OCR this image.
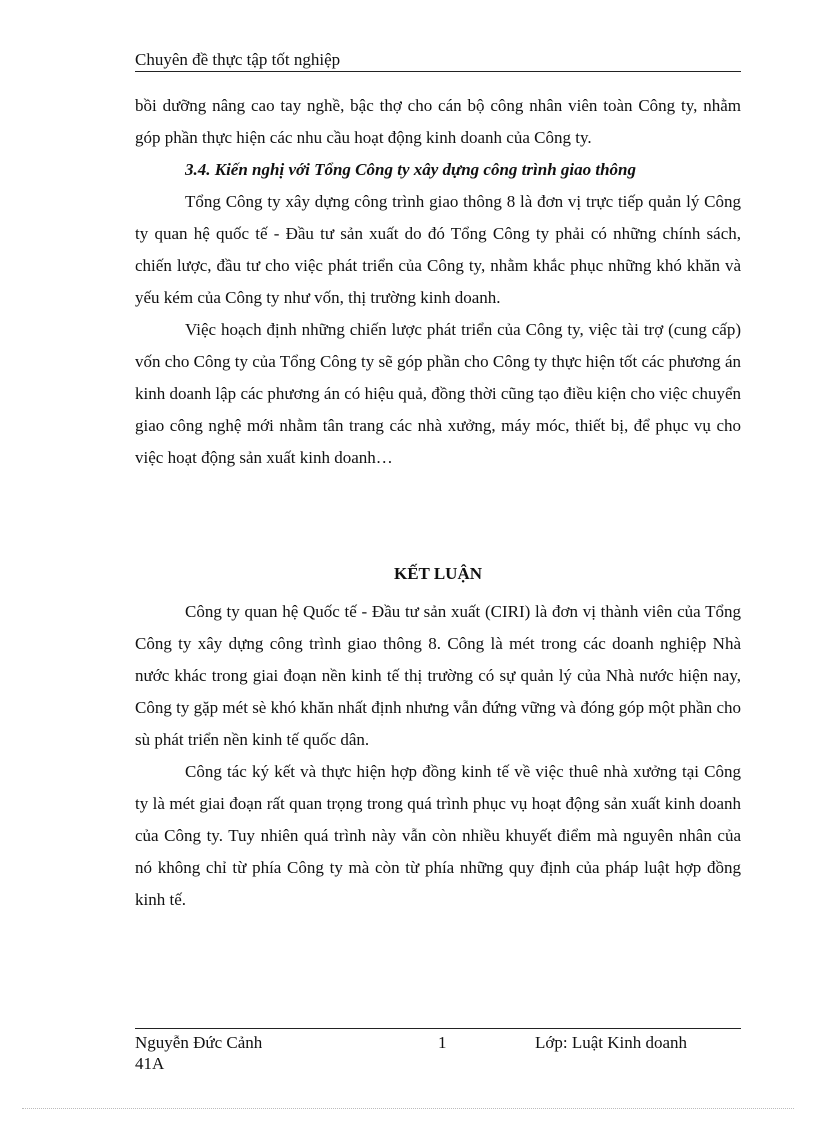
Chuyên đề thực tập tốt nghiệp

bồi dưỡng nâng cao tay nghề, bậc thợ cho cán bộ công nhân viên toàn Công ty, nhằm góp phần thực hiện các nhu cầu hoạt động kinh doanh của Công ty.

3.4. Kiến nghị với Tổng Công ty xây dựng công trình giao thông

Tổng Công ty xây dựng công trình giao thông 8 là đơn vị trực tiếp quản lý Công ty quan hệ quốc tế - Đầu tư sản xuất do đó Tổng Công ty phải có những chính sách, chiến lược, đầu tư cho việc phát triển của Công ty, nhằm khắc phục những khó khăn và yếu kém của Công ty như vốn, thị trường kinh doanh.

Việc hoạch định những chiến lược phát triển của Công ty, việc tài trợ (cung cấp) vốn cho Công ty của Tổng Công ty sẽ góp phần cho Công ty thực hiện tốt các phương án kinh doanh lập các phương án có hiệu quả, đồng thời cũng tạo điều kiện cho việc chuyển giao công nghệ mới nhằm tân trang các nhà xưởng, máy móc, thiết bị, để phục vụ cho việc hoạt động sản xuất kinh doanh…

KẾT LUẬN

Công ty quan hệ Quốc tế - Đầu tư sản xuất (CIRI) là đơn vị thành viên của Tổng Công ty xây dựng công trình giao thông 8. Công là mét trong các doanh nghiệp Nhà nước khác trong giai đoạn nền kinh tế thị trường có sự quản lý của Nhà nước hiện nay, Công ty gặp mét sè khó khăn nhất định nhưng vẫn đứng vững và đóng góp một phần cho sù phát triển nền kinh tế quốc dân.

Công tác ký kết và thực hiện hợp đồng kinh tế về việc thuê nhà xưởng tại Công ty là mét giai đoạn rất quan trọng trong quá trình phục vụ hoạt động sản xuất kinh doanh của Công ty. Tuy nhiên quá trình này vẫn còn nhiều khuyết điểm mà nguyên nhân của nó không chỉ từ phía Công ty mà còn từ phía những quy định của pháp luật hợp đồng kinh tế.

Nguyễn Đức Cảnh	1	Lớp: Luật Kinh doanh
41A
